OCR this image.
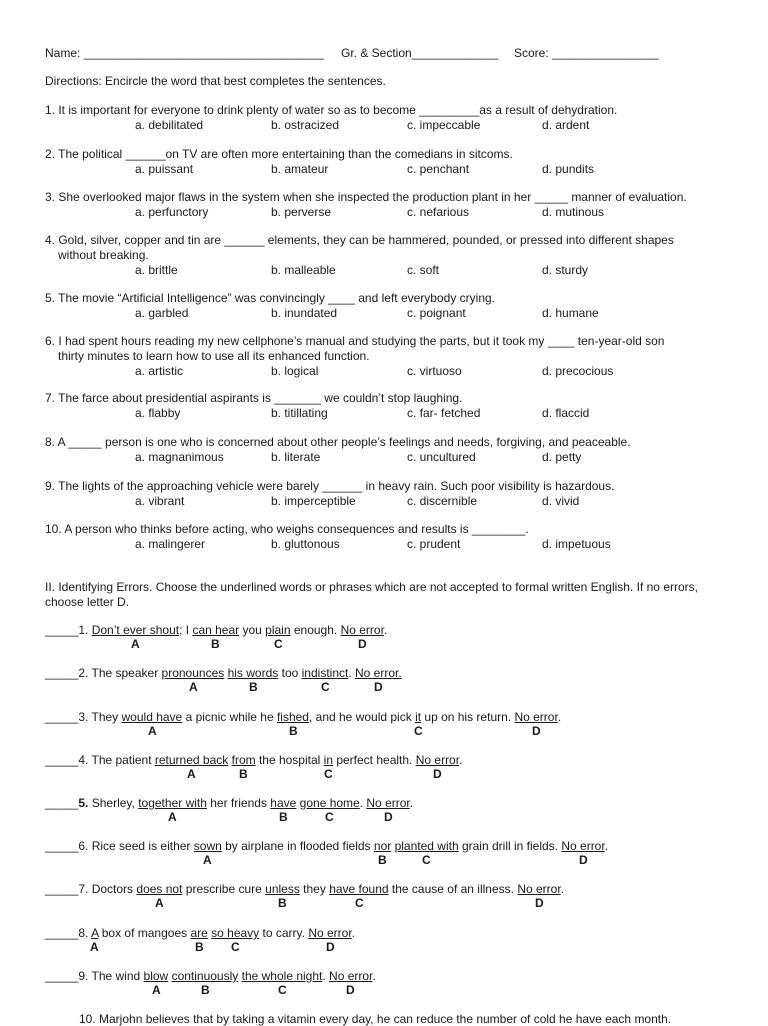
Name: ____________________________________ Gr. & Section_____________ Score: ________________
Directions: Encircle the word that best completes the sentences.
1. It is important for everyone to drink plenty of water so as to become _________as a result of dehydration.
a. debilitated	b. ostracized	c. impeccable	d. ardent
2. The political ______on TV are often more entertaining than the comedians in sitcoms.
a. puissant	b. amateur	c. penchant	d. pundits
3. She overlooked major flaws in the system when she inspected the production plant in her _____ manner of evaluation.
a. perfunctory	b. perverse	c. nefarious	d. mutinous
4. Gold, silver, copper and tin are ______ elements, they can be hammered, pounded, or pressed into different shapes
without breaking.
a. brittle	b. malleable	c. soft	d. sturdy
5. The movie “Artificial Intelligence” was convincingly ____ and left everybody crying.
a. garbled	b. inundated	c. poignant	d. humane
6. I had spent hours reading my new cellphone’s manual and studying the parts, but it took my ____ ten-year-old son
thirty minutes to learn how to use all its enhanced function.
a. artistic	b. logical	c. virtuoso	d. precocious
7. The farce about presidential aspirants is _______ we couldn’t stop laughing.
a. flabby	b. titillating	c. far- fetched	d. flaccid
8. A _____ person is one who is concerned about other people’s feelings and needs, forgiving, and peaceable.
a. magnanimous	b. literate	c. uncultured	d. petty
9. The lights of the approaching vehicle were barely ______ in heavy rain. Such poor visibility is hazardous.
a. vibrant	b. imperceptible	c. discernible	d. vivid
10. A person who thinks before acting, who weighs consequences and results is ________.
a. malingerer	b. gluttonous	c. prudent	d. impetuous
II. Identifying Errors. Choose the underlined words or phrases which are not accepted to formal written English. If no errors,
choose letter D.
_____1. Don’t ever shout; I can hear you plain enough. No error.
A	B	C	D
_____2. The speaker pronounces his words too indistinct. No error.
A	B	C	D
_____3. They would have a picnic while he fished, and he would pick it up on his return. No error.
A	B	C	D
_____4. The patient returned back from the hospital in perfect health. No error.
A	B	C	D
_____5. Sherley, together with her friends have gone home. No error.
A	B	C	D
_____6. Rice seed is either sown by airplane in flooded fields nor planted with grain drill in fields. No error.
A	B	C	D
_____7. Doctors does not prescribe cure unless they have found the cause of an illness. No error.
A	B	C	D
_____8. A box of mangoes are so heavy to carry. No error.
A	B C	D
_____9. The wind blow continuously the whole night. No error.
A	B	C	D
10. Marjohn believes that by taking a vitamin every day, he can reduce the number of cold he have each month.
